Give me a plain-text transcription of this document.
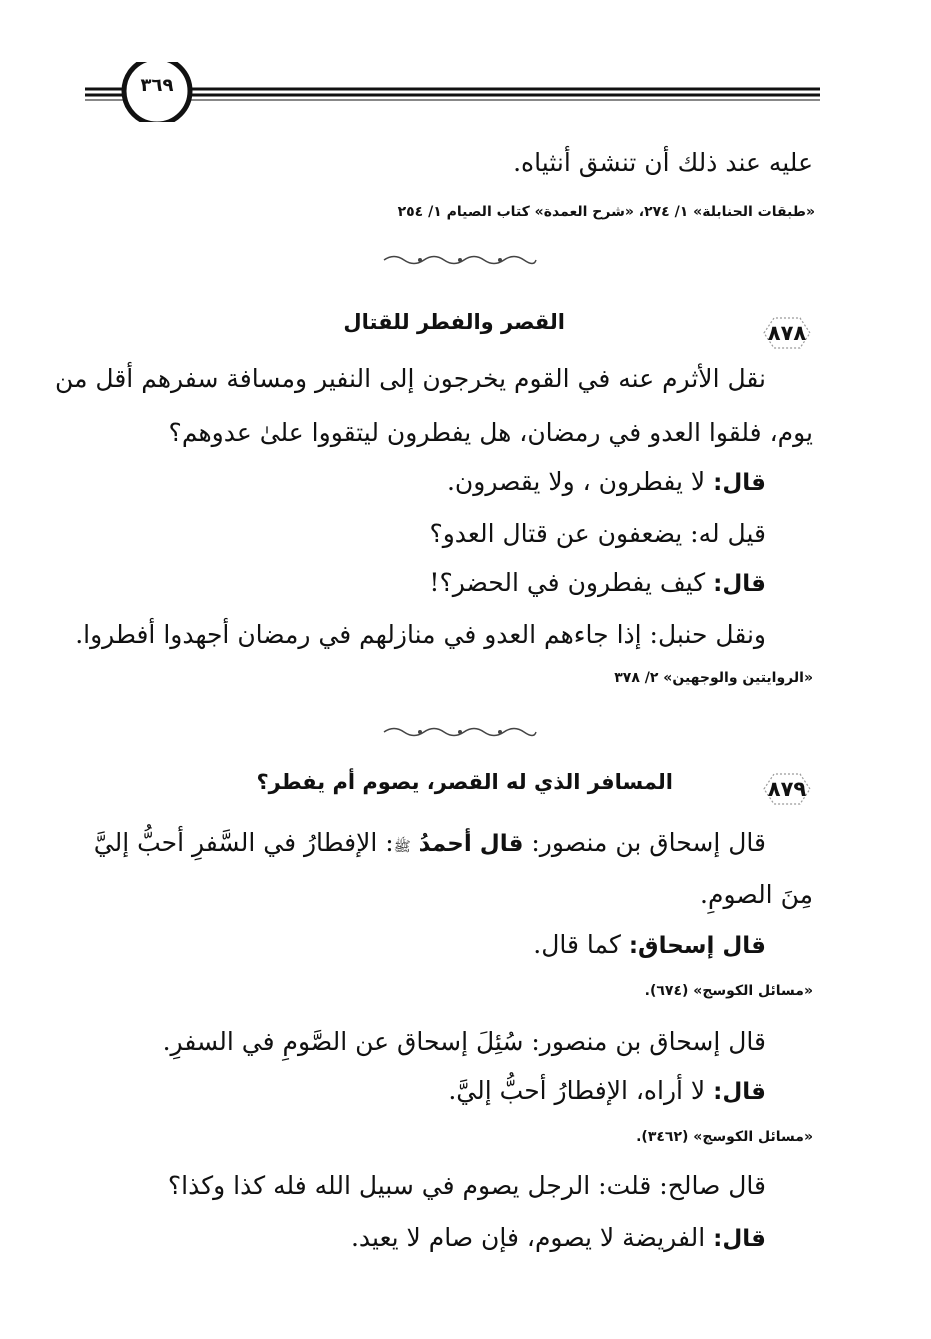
٣٦٩
عليه عند ذلك أن تنشق أنثياه.
«طبقات الحنابلة» ١/ ٢٧٤، «شرح العمدة» كتاب الصيام ١/ ٢٥٤
٨٧٨
القصر والفطر للقتال
نقل الأثرم عنه في القوم يخرجون إلى النفير ومسافة سفرهم أقل من
يوم، فلقوا العدو في رمضان، هل يفطرون ليتقووا علىٰ عدوهم؟
قال: لا يفطرون ، ولا يقصرون.
قيل له: يضعفون عن قتال العدو؟
قال: كيف يفطرون في الحضر؟!
ونقل حنبل: إذا جاءهم العدو في منازلهم في رمضان أجهدوا أفطروا.
«الروايتين والوجهين» ٢/ ٣٧٨
٨٧٩
المسافر الذي له القصر، يصوم أم يفطر؟
قال إسحاق بن منصور: قال أحمدُ ﷺ: الإفطارُ في السَّفرِ أحبُّ إليَّ
مِنَ الصومِ.
قال إسحاق: كما قال.
«مسائل الكوسج» (٦٧٤).
قال إسحاق بن منصور: سُئِلَ إسحاق عن الصَّومِ في السفرِ.
قال: لا أراه، الإفطارُ أحبُّ إليَّ.
«مسائل الكوسج» (٣٤٦٢).
قال صالح: قلت: الرجل يصوم في سبيل الله فله كذا وكذا؟
قال: الفريضة لا يصوم، فإن صام لا يعيد.
